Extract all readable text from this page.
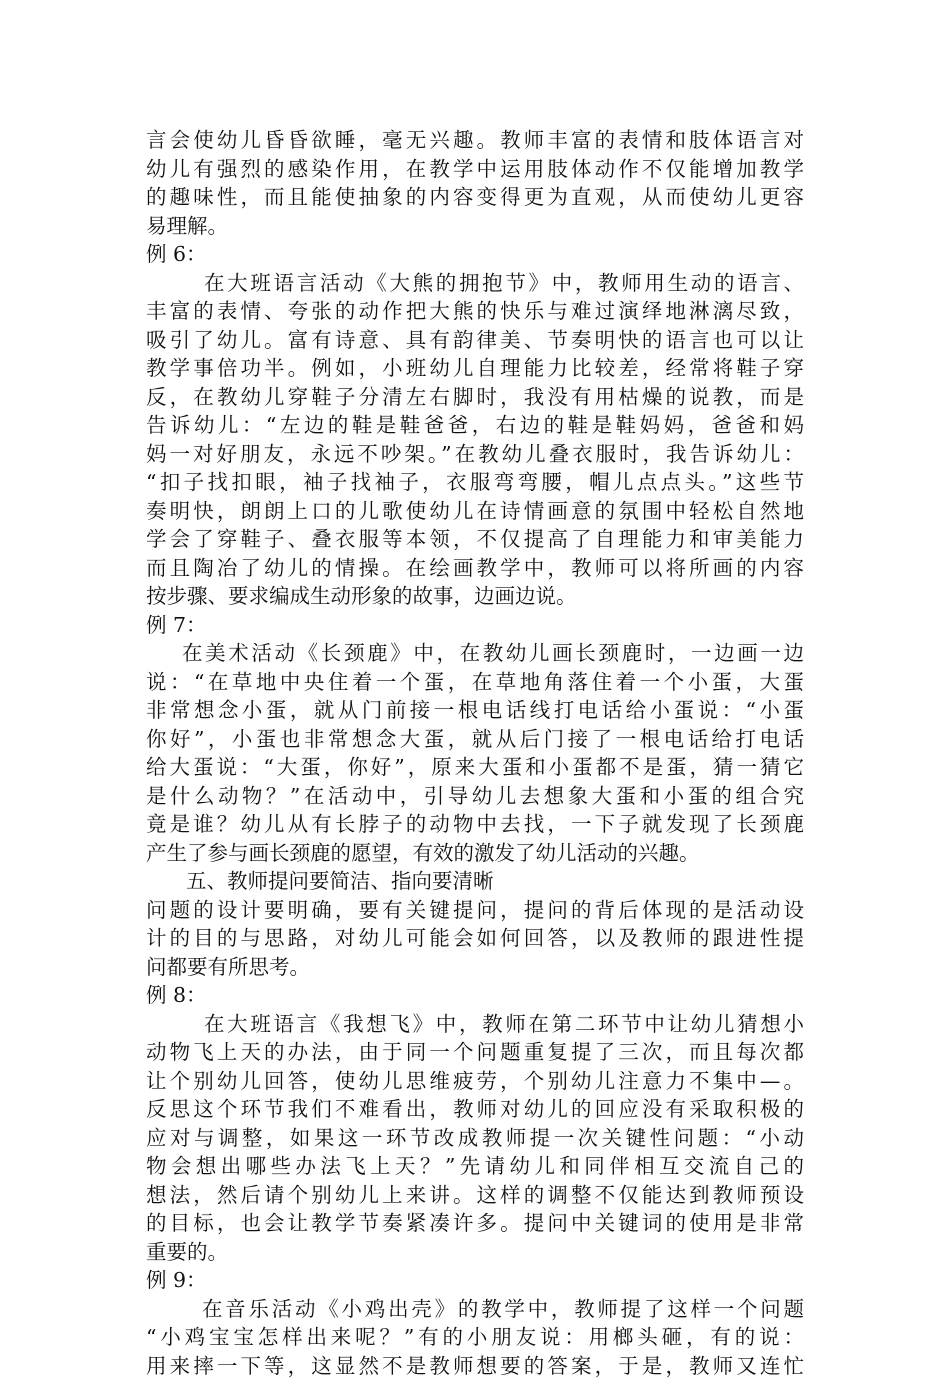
言会使幼儿昏昏欲睡，毫无兴趣。教师丰富的表情和肢体语言对
幼儿有强烈的感染作用，在教学中运用肢体动作不仅能增加教学
的趣味性，而且能使抽象的内容变得更为直观，从而使幼儿更容
易理解。
例 6：
在大班语言活动《大熊的拥抱节》中，教师用生动的语言、
丰富的表情、夸张的动作把大熊的快乐与难过演绎地淋漓尽致，
吸引了幼儿。富有诗意、具有韵律美、节奏明快的语言也可以让
教学事倍功半。例如，小班幼儿自理能力比较差，经常将鞋子穿
反，在教幼儿穿鞋子分清左右脚时，我没有用枯燥的说教，而是
告诉幼儿：“左边的鞋是鞋爸爸，右边的鞋是鞋妈妈，爸爸和妈
妈一对好朋友，永远不吵架。”在教幼儿叠衣服时，我告诉幼儿：
“扣子找扣眼，袖子找袖子，衣服弯弯腰，帽儿点点头。”这些节
奏明快，朗朗上口的儿歌使幼儿在诗情画意的氛围中轻松自然地
学会了穿鞋子、叠衣服等本领，不仅提高了自理能力和审美能力
而且陶冶了幼儿的情操。在绘画教学中，教师可以将所画的内容
按步骤、要求编成生动形象的故事，边画边说。
例 7：
在美术活动《长颈鹿》中，在教幼儿画长颈鹿时，一边画一边
说：“在草地中央住着一个蛋，在草地角落住着一个小蛋，大蛋
非常想念小蛋，就从门前接一根电话线打电话给小蛋说：“小蛋
你好”，小蛋也非常想念大蛋，就从后门接了一根电话给打电话
给大蛋说：“大蛋，你好”，原来大蛋和小蛋都不是蛋，猜一猜它
是什么动物？”在活动中，引导幼儿去想象大蛋和小蛋的组合究
竟是谁？幼儿从有长脖子的动物中去找，一下子就发现了长颈鹿
产生了参与画长颈鹿的愿望，有效的激发了幼儿活动的兴趣。
五、教师提问要简洁、指向要清晰
问题的设计要明确，要有关键提问，提问的背后体现的是活动设
计的目的与思路，对幼儿可能会如何回答，以及教师的跟进性提
问都要有所思考。
例 8：
在大班语言《我想飞》中，教师在第二环节中让幼儿猜想小
动物飞上天的办法，由于同一个问题重复提了三次，而且每次都
让个别幼儿回答，使幼儿思维疲劳，个别幼儿注意力不集中—。
反思这个环节我们不难看出，教师对幼儿的回应没有采取积极的
应对与调整，如果这一环节改成教师提一次关键性问题：“小动
物会想出哪些办法飞上天？”先请幼儿和同伴相互交流自己的
想法，然后请个别幼儿上来讲。这样的调整不仅能达到教师预设
的目标，也会让教学节奏紧凑许多。提问中关键词的使用是非常
重要的。
例 9：
在音乐活动《小鸡出壳》的教学中，教师提了这样一个问题
“小鸡宝宝怎样出来呢？”有的小朋友说：用榔头砸，有的说：
用来摔一下等，这显然不是教师想要的答案，于是，教师又连忙
